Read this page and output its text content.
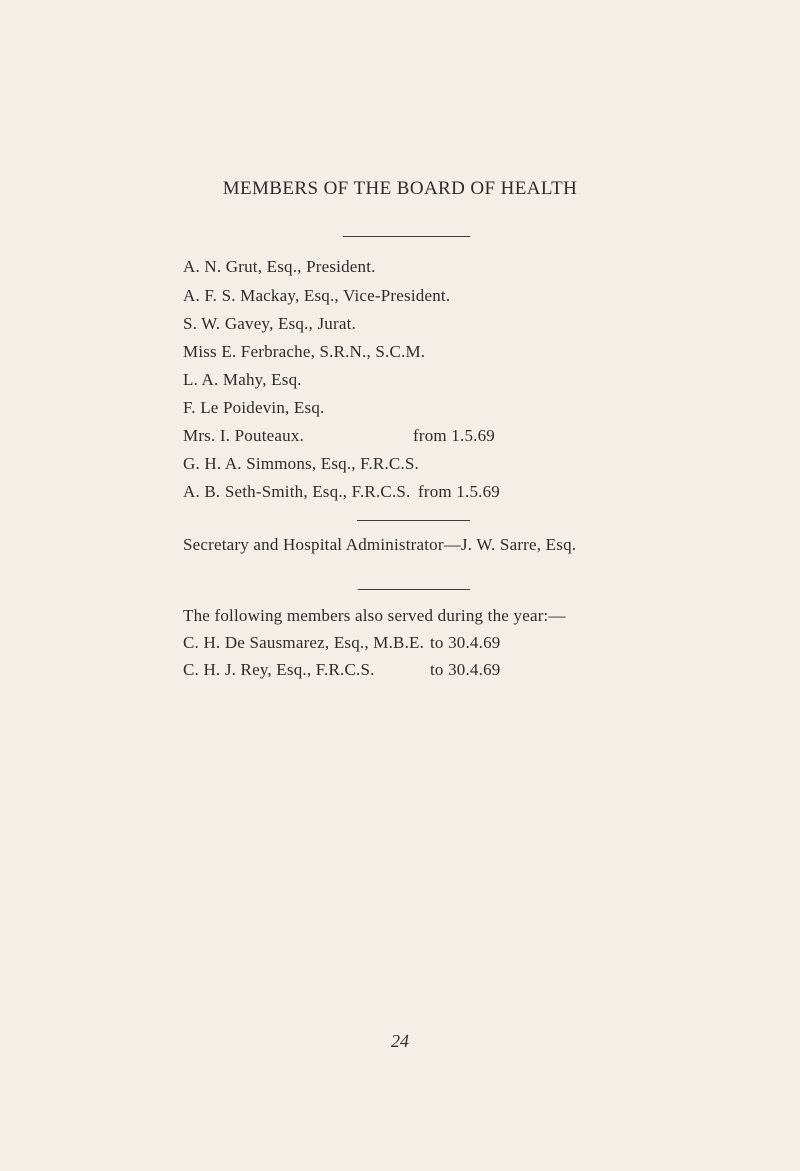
MEMBERS OF THE BOARD OF HEALTH
A. N. Grut, Esq., President.
A. F. S. Mackay, Esq., Vice-President.
S. W. Gavey, Esq., Jurat.
Miss E. Ferbrache, S.R.N., S.C.M.
L. A. Mahy, Esq.
F. Le Poidevin, Esq.
Mrs. I. Pouteaux.	from 1.5.69
G. H. A. Simmons, Esq., F.R.C.S.
A. B. Seth-Smith, Esq., F.R.C.S. from 1.5.69
Secretary and Hospital Administrator—J. W. Sarre, Esq.
The following members also served during the year:—
C. H. De Sausmarez, Esq., M.B.E. to 30.4.69
C. H. J. Rey, Esq., F.R.C.S.	to 30.4.69
24
